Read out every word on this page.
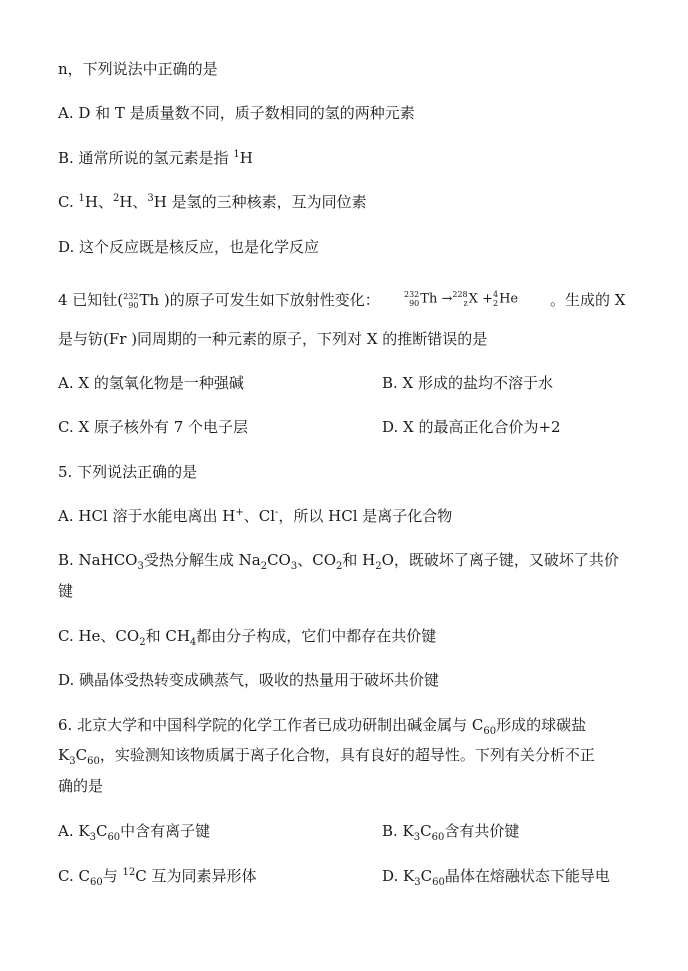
n，下列说法中正确的是
A. D 和 T 是质量数不同，质子数相同的氢的两种元素
B. 通常所说的氢元素是指 $^1$H
C. $^1$H、$^2$H、$^3$H 是氢的三种核素，互为同位素
D. 这个反应既是核反应，也是化学反应
4 已知钍( 232
90 Th )的原子可发生如下放射性变化：	232
90 Th → 228
z X + 4
2 He 。生成的 X
是与钫(Fr )同周期的一种元素的原子，下列对 X 的推断错误的是
A. X 的氢氧化物是一种强碱	B. X 形成的盐均不溶于水
C. X 原子核外有 7 个电子层	D. X 的最高正化合价为+2
5. 下列说法正确的是
A. HCl 溶于水能电离出 H+、Cl-，所以 HCl 是离子化合物
B. NaHCO$_3$受热分解生成 $Na_2CO_3$、$CO_2$和 $H_2O$，既破坏了离子键，又破坏了共价
键
C. He、$CO_2$和 $CH_4$都由分子构成，它们中都存在共价键
D. 碘晶体受热转变成碘蒸气，吸收的热量用于破坏共价键
6. 北京大学和中国科学院的化学工作者已成功研制出碱金属与 $C_{60}$形成的球碳盐
$K_3C_{60}$，实验测知该物质属于离子化合物，具有良好的超导性。下列有关分析不正
确的是
A. $K_3C_{60}$中含有离子键	B. $K_3C_{60}$含有共价键
C. $C_{60}$与 $^{12}$C 互为同素异形体	D. $K_3C_{60}$晶体在熔融状态下能导电
